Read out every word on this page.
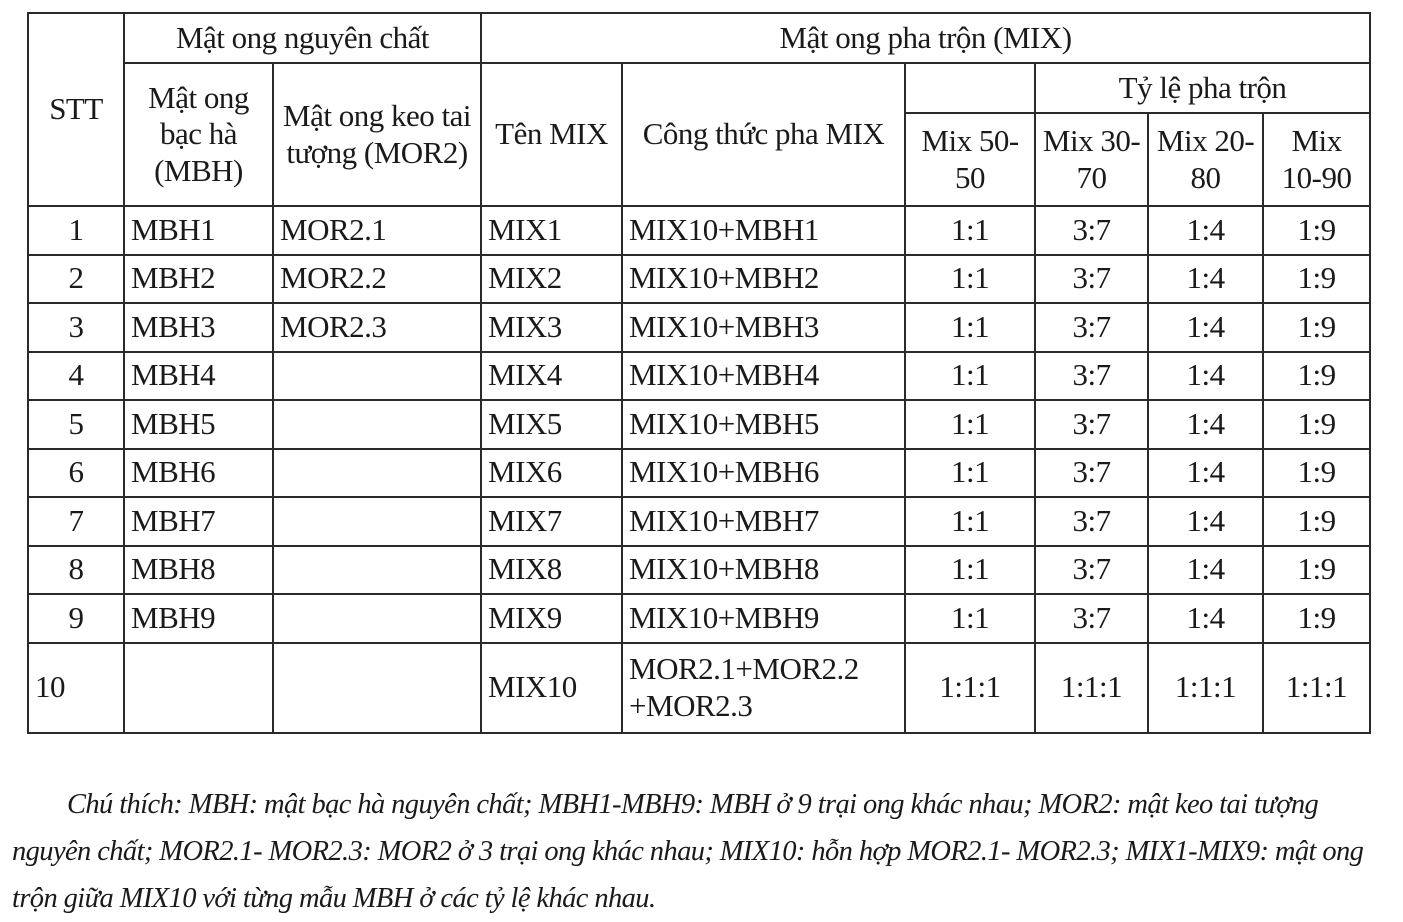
STT	Mật ong nguyên chất		Mật ong pha trộn (MIX)					
	Mật ong bạc hà (MBH)	Mật ong keo tai tượng (MOR2)	Tên MIX	Công thức pha MIX		Tỷ lệ pha trộn		
					Mix 50-50	Mix 30-70	Mix 20-80	Mix 10-90
1	MBH1	MOR2.1	MIX1	MIX10+MBH1	1:1	3:7	1:4	1:9
2	MBH2	MOR2.2	MIX2	MIX10+MBH2	1:1	3:7	1:4	1:9
3	MBH3	MOR2.3	MIX3	MIX10+MBH3	1:1	3:7	1:4	1:9
4	MBH4		MIX4	MIX10+MBH4	1:1	3:7	1:4	1:9
5	MBH5		MIX5	MIX10+MBH5	1:1	3:7	1:4	1:9
6	MBH6		MIX6	MIX10+MBH6	1:1	3:7	1:4	1:9
7	MBH7		MIX7	MIX10+MBH7	1:1	3:7	1:4	1:9
8	MBH8		MIX8	MIX10+MBH8	1:1	3:7	1:4	1:9
9	MBH9		MIX9	MIX10+MBH9	1:1	3:7	1:4	1:9
10			MIX10	MOR2.1+MOR2.2 +MOR2.3	1:1:1	1:1:1	1:1:1	1:1:1

Chú thích: MBH: mật bạc hà nguyên chất; MBH1-MBH9: MBH ở 9 trại ong khác nhau; MOR2: mật keo tai tượng nguyên chất; MOR2.1- MOR2.3: MOR2 ở 3 trại ong khác nhau; MIX10: hỗn hợp MOR2.1- MOR2.3; MIX1-MIX9: mật ong trộn giữa MIX10 với từng mẫu MBH ở các tỷ lệ khác nhau.
